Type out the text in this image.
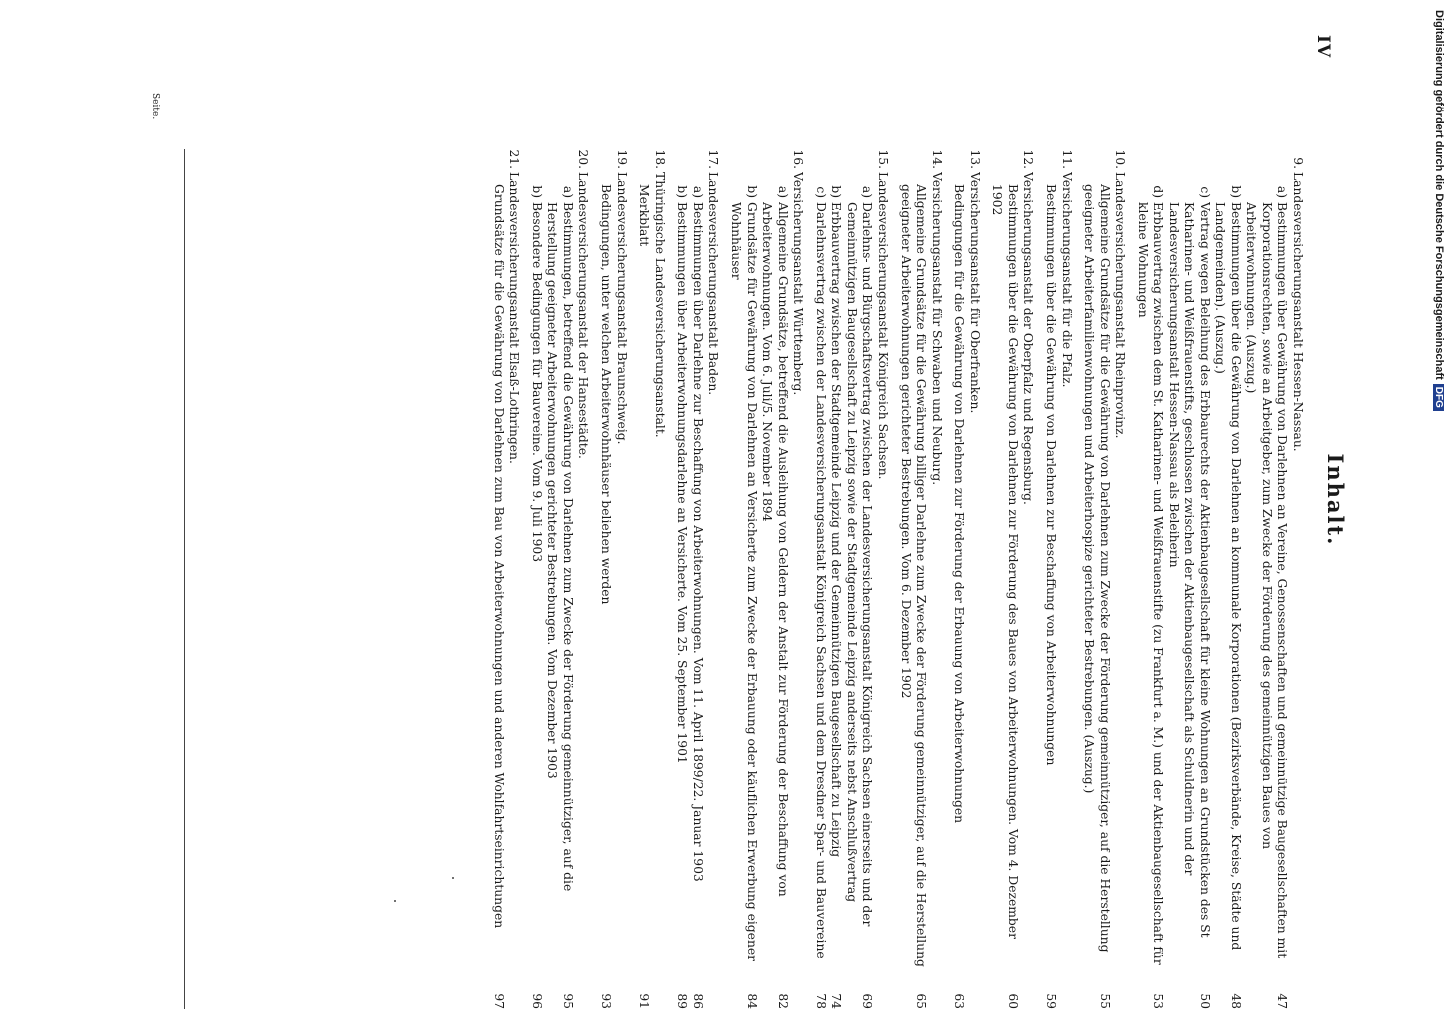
IV
Inhalt.
Seite.
9.
Landesversicherungsanstalt Hessen-Nassau.
a)
Bestimmungen über Gewährung von Darlehnen an Vereine, Genossenschaften und gemeinnützige Baugesellschaften mit Korporationsrechten, sowie an Arbeitgeber, zum Zwecke der Förderung des gemeinnützigen Baues von Arbeiterwohnungen. (Auszug.)
47
b)
Bestimmungen über die Gewährung von Darlehnen an kommunale Korporationen (Bezirksverbände, Kreise, Städte und Landgemeinden). (Auszug.)
48
c)
Vertrag wegen Beleihung des Erbbaurechts der Aktienbaugesellschaft für kleine Wohnungen an Grundstücken des St Katharinen- und Weißfrauenstifts, geschlossen zwischen der Aktienbaugesellschaft als Schuldnerin und der Landesversicherungsanstalt Hessen-Nassau als Beleiherin
50
d)
Erbbauvertrag zwischen dem St. Katharinen- und Weißfrauenstifte (zu Frankfurt a. M.) und der Aktienbaugesellschaft für kleine Wohnungen
53
10.
Landesversicherungsanstalt Rheinprovinz.
Allgemeine Grundsätze für die Gewährung von Darlehnen zum Zwecke der Förderung gemeinnütziger, auf die Herstellung geeigneter Arbeiterfamilienwohnungen und Arbeiterhospize gerichteter Bestrebungen. (Auszug.)
55
11.
Versicherungsanstalt für die Pfalz.
Bestimmungen über die Gewährung von Darlehnen zur Beschaffung von Arbeiterwohnungen
59
12.
Versicherungsanstalt der Oberpfalz und Regensburg.
Bestimmungen über die Gewährung von Darlehnen zur Förderung des Baues von Arbeiterwohnungen. Vom 4. Dezember 1902
60
13.
Versicherungsanstalt für Oberfranken.
Bedingungen für die Gewährung von Darlehnen zur Förderung der Erbauung von Arbeiterwohnungen
63
14.
Versicherungsanstalt für Schwaben und Neuburg.
Allgemeine Grundsätze für die Gewährung billiger Darlehne zum Zwecke der Förderung gemeinnütziger, auf die Herstellung geeigneter Arbeiterwohnungen gerichteter Bestrebungen. Vom 6. Dezember 1902
65
15.
Landesversicherungsanstalt Königreich Sachsen.
a)
Darlehns- und Bürgschaftsvertrag zwischen der Landesversicherungsanstalt Königreich Sachsen einerseits und der Gemeinnützigen Baugesellschaft zu Leipzig sowie der Stadtgemeinde Leipzig anderseits nebst Anschlußvertrag
69
b)
Erbbauvertrag zwischen der Stadtgemeinde Leipzig und der Gemeinnützigen Baugesellschaft zu Leipzig
74
c)
Darlehnsvertrag zwischen der Landesversicherungsanstalt Königreich Sachsen und dem Dresdner Spar- und Bauvereine
78
16.
Versicherungsanstalt Württemberg.
a)
Allgemeine Grundsätze, betreffend die Ausleihung von Geldern der Anstalt zur Förderung der Beschaffung von Arbeiterwohnungen. Vom 6. Juli/5. November 1894
82
b)
Grundsätze für Gewährung von Darlehnen an Versicherte zum Zwecke der Erbauung oder käuflichen Erwerbung eigener Wohnhäuser
84
17.
Landesversicherungsanstalt Baden.
a)
Bestimmungen über Darlehne zur Beschaffung von Arbeiterwohnungen. Vom 11. April 1899/22. Januar 1903
86
b)
Bestimmungen über Arbeiterwohnungsdarlehne an Versicherte. Vom 25. September 1901
89
18.
Thüringische Landesversicherungsanstalt.
Merkblatt
91
19.
Landesversicherungsanstalt Braunschweig.
Bedingungen, unter welchen Arbeiterwohnhäuser beliehen werden
93
20.
Landesversicherungsanstalt der Hansestädte.
a)
Bestimmungen, betreffend die Gewährung von Darlehnen zum Zwecke der Förderung gemeinnütziger, auf die Herstellung geeigneter Arbeiterwohnungen gerichteter Bestrebungen. Vom Dezember 1903
95
b)
Besondere Bedingungen für Bauvereine. Vom 9. Juli 1903
96
21.
Landesversicherungsanstalt Elsaß-Lothringen.
Grundsätze für die Gewährung von Darlehnen zum Bau von Arbeiterwohnungen und anderen Wohlfahrtseinrichtungen
97
Digitalisierung gefördert durch die Deutsche Forschungsgemeinschaft
DFG
